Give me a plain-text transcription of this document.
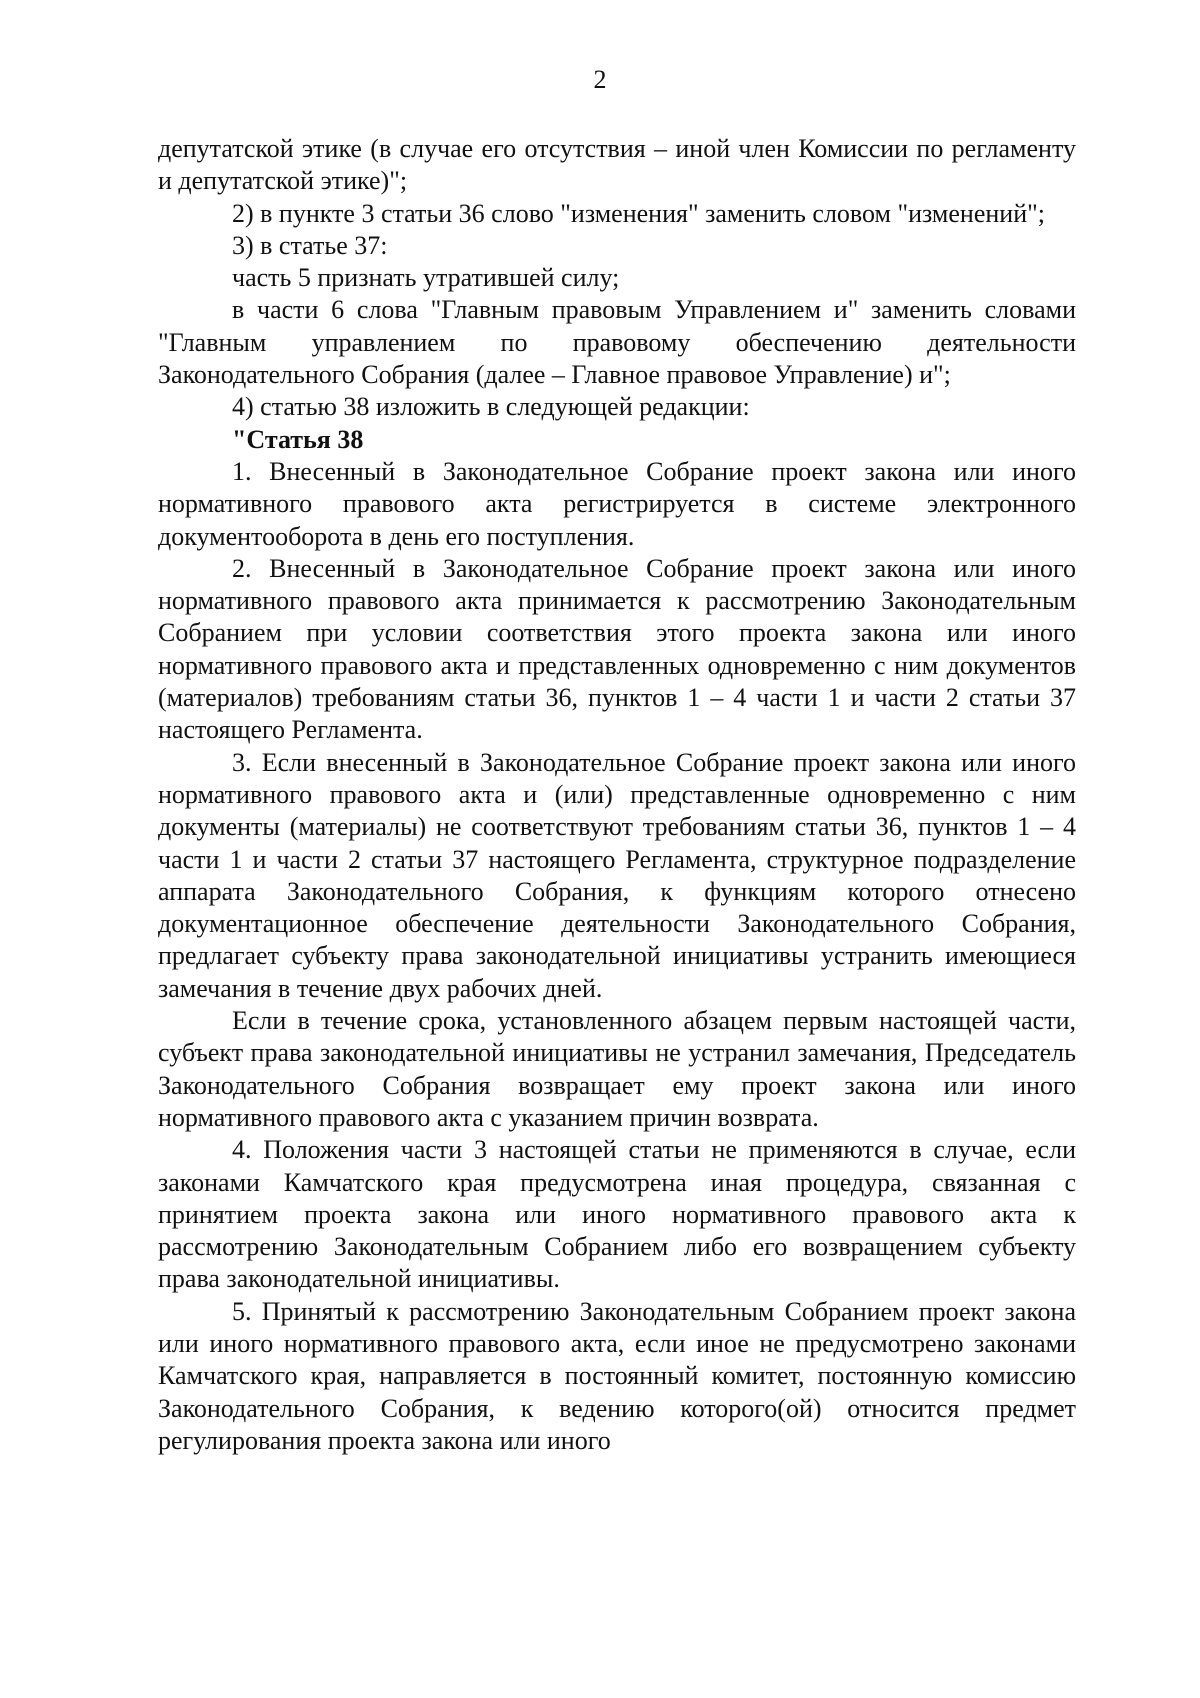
2

депутатской этике (в случае его отсутствия – иной член Комиссии по регламенту и депутатской этике)";

2) в пункте 3 статьи 36 слово "изменения" заменить словом "изменений";

3) в статье 37:

часть 5 признать утратившей силу;

в части 6 слова "Главным правовым Управлением и" заменить словами "Главным управлением по правовому обеспечению деятельности Законодательного Собрания (далее – Главное правовое Управление) и";

4) статью 38 изложить в следующей редакции:

"Статья 38

1. Внесенный в Законодательное Собрание проект закона или иного нормативного правового акта регистрируется в системе электронного документооборота в день его поступления.

2. Внесенный в Законодательное Собрание проект закона или иного нормативного правового акта принимается к рассмотрению Законодательным Собранием при условии соответствия этого проекта закона или иного нормативного правового акта и представленных одновременно с ним документов (материалов) требованиям статьи 36, пунктов 1 – 4 части 1 и части 2 статьи 37 настоящего Регламента.

3. Если внесенный в Законодательное Собрание проект закона или иного нормативного правового акта и (или) представленные одновременно с ним документы (материалы) не соответствуют требованиям статьи 36, пунктов 1 – 4 части 1 и части 2 статьи 37 настоящего Регламента, структурное подразделение аппарата Законодательного Собрания, к функциям которого отнесено документационное обеспечение деятельности Законодательного Собрания, предлагает субъекту права законодательной инициативы устранить имеющиеся замечания в течение двух рабочих дней.

Если в течение срока, установленного абзацем первым настоящей части, субъект права законодательной инициативы не устранил замечания, Председатель Законодательного Собрания возвращает ему проект закона или иного нормативного правового акта с указанием причин возврата.

4. Положения части 3 настоящей статьи не применяются в случае, если законами Камчатского края предусмотрена иная процедура, связанная с принятием проекта закона или иного нормативного правового акта к рассмотрению Законодательным Собранием либо его возвращением субъекту права законодательной инициативы.

5. Принятый к рассмотрению Законодательным Собранием проект закона или иного нормативного правового акта, если иное не предусмотрено законами Камчатского края, направляется в постоянный комитет, постоянную комиссию Законодательного Собрания, к ведению которого(ой) относится предмет регулирования проекта закона или иного
